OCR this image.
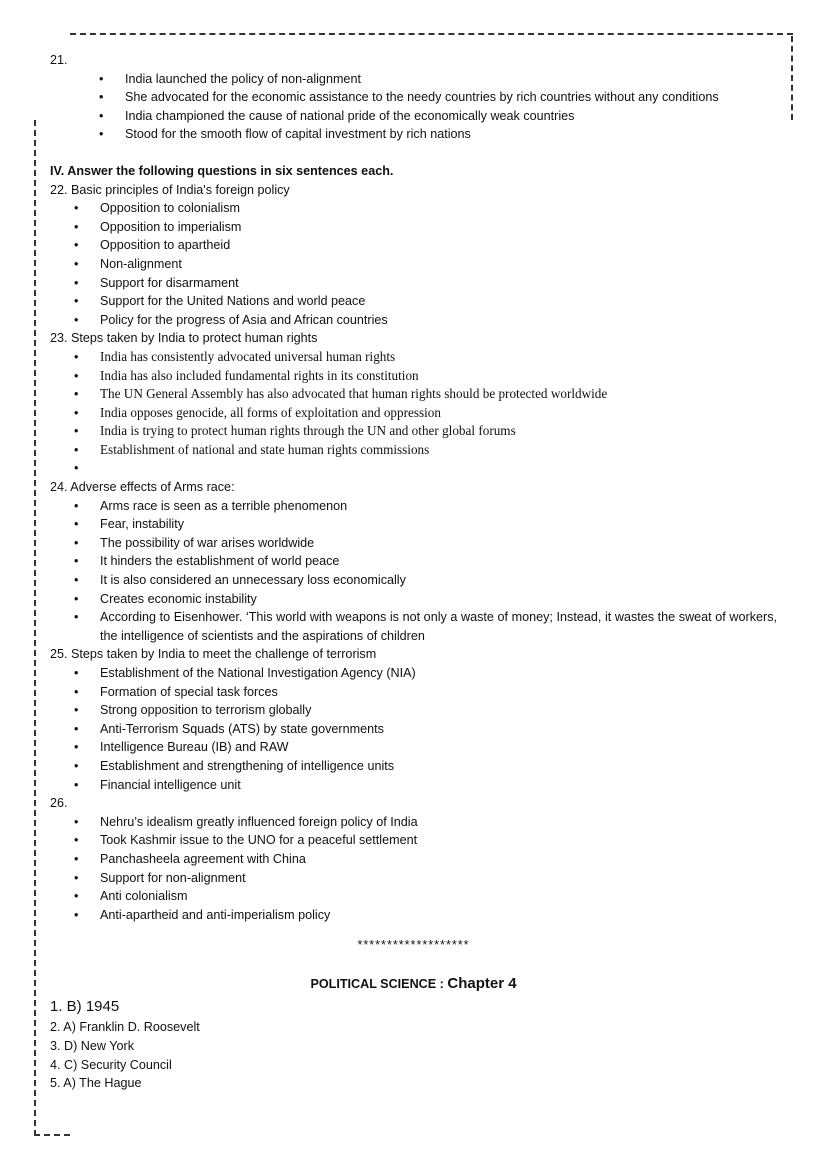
21.
• India launched the policy of non-alignment
• She advocated for the economic assistance to the needy countries by rich countries without any conditions
• India championed the cause of national pride of the economically weak countries
• Stood for the smooth flow of capital investment by rich nations
IV. Answer the following questions in six sentences each.
22. Basic principles of India's foreign policy
• Opposition to colonialism
• Opposition to imperialism
• Opposition to apartheid
• Non-alignment
• Support for disarmament
• Support for the United Nations and world peace
• Policy for the progress of Asia and African countries
23. Steps taken by India to protect human rights
• India has consistently advocated universal human rights
• India has also included fundamental rights in its constitution
• The UN General Assembly has also advocated that human rights should be protected worldwide
• India opposes genocide, all forms of exploitation and oppression
• India is trying to protect human rights through the UN and other global forums
• Establishment of national and state human rights commissions
•
24. Adverse effects of Arms race:
• Arms race is seen as a terrible phenomenon
• Fear, instability
• The possibility of war arises worldwide
• It hinders the establishment of world peace
• It is also considered an unnecessary loss economically
• Creates economic instability
• According to Eisenhower. ‘This world with weapons is not only a waste of money; Instead, it wastes the sweat of workers, the intelligence of scientists and the aspirations of children
25. Steps taken by India to meet the challenge of terrorism
• Establishment of the National Investigation Agency (NIA)
• Formation of special task forces
• Strong opposition to terrorism globally
• Anti-Terrorism Squads (ATS) by state governments
• Intelligence Bureau (IB) and RAW
• Establishment and strengthening of intelligence units
• Financial intelligence unit
26.
• Nehru’s idealism greatly influenced foreign policy of India
• Took Kashmir issue to the UNO for a peaceful settlement
• Panchasheela agreement with China
• Support for non-alignment
• Anti colonialism
• Anti-apartheid and anti-imperialism policy
*******************
POLITICAL SCIENCE : Chapter 4
1. B) 1945
2. A) Franklin D. Roosevelt
3. D) New York
4. C) Security Council
5. A) The Hague
